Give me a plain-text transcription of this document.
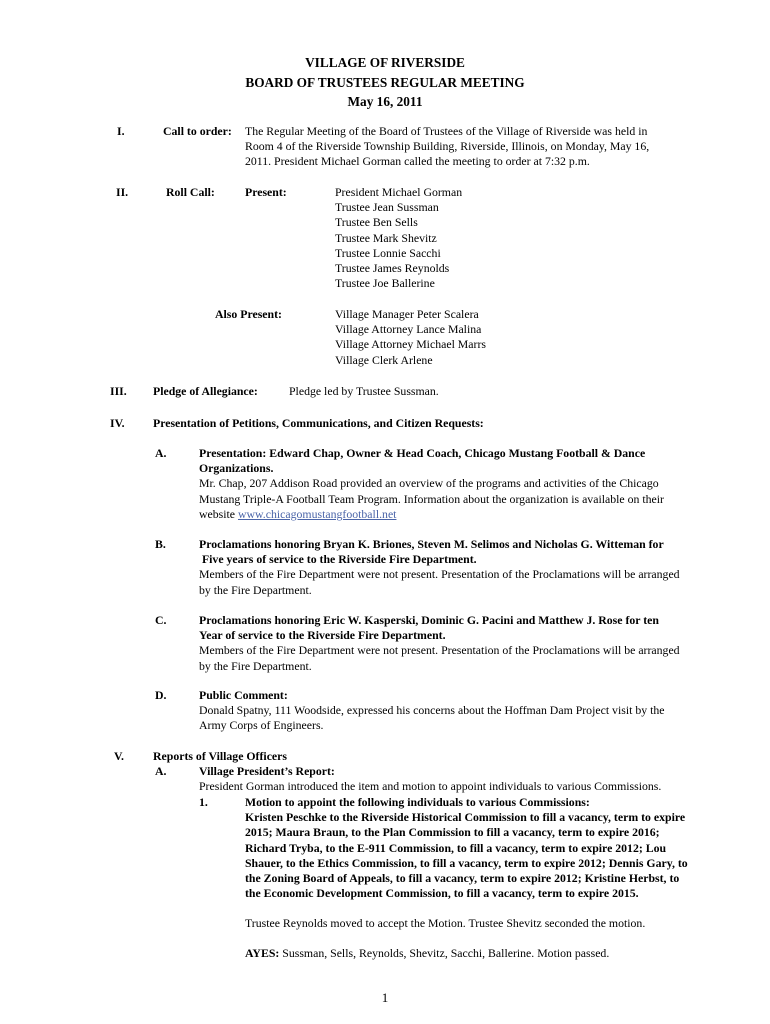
VILLAGE OF RIVERSIDE
BOARD OF TRUSTEES REGULAR MEETING
May 16, 2011
I.	Call to order: The Regular Meeting of the Board of Trustees of the Village of Riverside was held in
Room 4 of the Riverside Township Building, Riverside, Illinois, on Monday, May 16,
2011. President Michael Gorman called the meeting to order at 7:32 p.m.
II.	Roll Call:	Present:	President Michael Gorman
Trustee Jean Sussman
Trustee Ben Sells
Trustee Mark Shevitz
Trustee Lonnie Sacchi
Trustee James Reynolds
Trustee Joe Ballerine
Also Present:	Village Manager Peter Scalera
Village Attorney Lance Malina
Village Attorney Michael Marrs
Village Clerk Arlene
III. Pledge of Allegiance:	Pledge led by Trustee Sussman.
IV. Presentation of Petitions, Communications, and Citizen Requests:
A.	Presentation: Edward Chap, Owner & Head Coach, Chicago Mustang Football & Dance
Organizations.
Mr. Chap, 207 Addison Road provided an overview of the programs and activities of the Chicago
Mustang Triple-A Football Team Program. Information about the organization is available on their
website www.chicagomustangfootball.net
B.	Proclamations honoring Bryan K. Briones, Steven M. Selimos and Nicholas G. Witteman for
Five years of service to the Riverside Fire Department.
Members of the Fire Department were not present. Presentation of the Proclamations will be arranged
by the Fire Department.
C.	Proclamations honoring Eric W. Kasperski, Dominic G. Pacini and Matthew J. Rose for ten
Year of service to the Riverside Fire Department.
Members of the Fire Department were not present. Presentation of the Proclamations will be arranged
by the Fire Department.
D.	Public Comment:
Donald Spatny, 111 Woodside, expressed his concerns about the Hoffman Dam Project visit by the
Army Corps of Engineers.
V. Reports of Village Officers
A.	Village President’s Report:
President Gorman introduced the item and motion to appoint individuals to various Commissions.
1.	Motion to appoint the following individuals to various Commissions:
Kristen Peschke to the Riverside Historical Commission to fill a vacancy, term to expire
2015; Maura Braun, to the Plan Commission to fill a vacancy, term to expire 2016;
Richard Tryba, to the E-911 Commission, to fill a vacancy, term to expire 2012; Lou
Shauer, to the Ethics Commission, to fill a vacancy, term to expire 2012; Dennis Gary, to
the Zoning Board of Appeals, to fill a vacancy, term to expire 2012; Kristine Herbst, to
the Economic Development Commission, to fill a vacancy, term to expire 2015.
Trustee Reynolds moved to accept the Motion. Trustee Shevitz seconded the motion.
AYES: Sussman, Sells, Reynolds, Shevitz, Sacchi, Ballerine. Motion passed.
1
